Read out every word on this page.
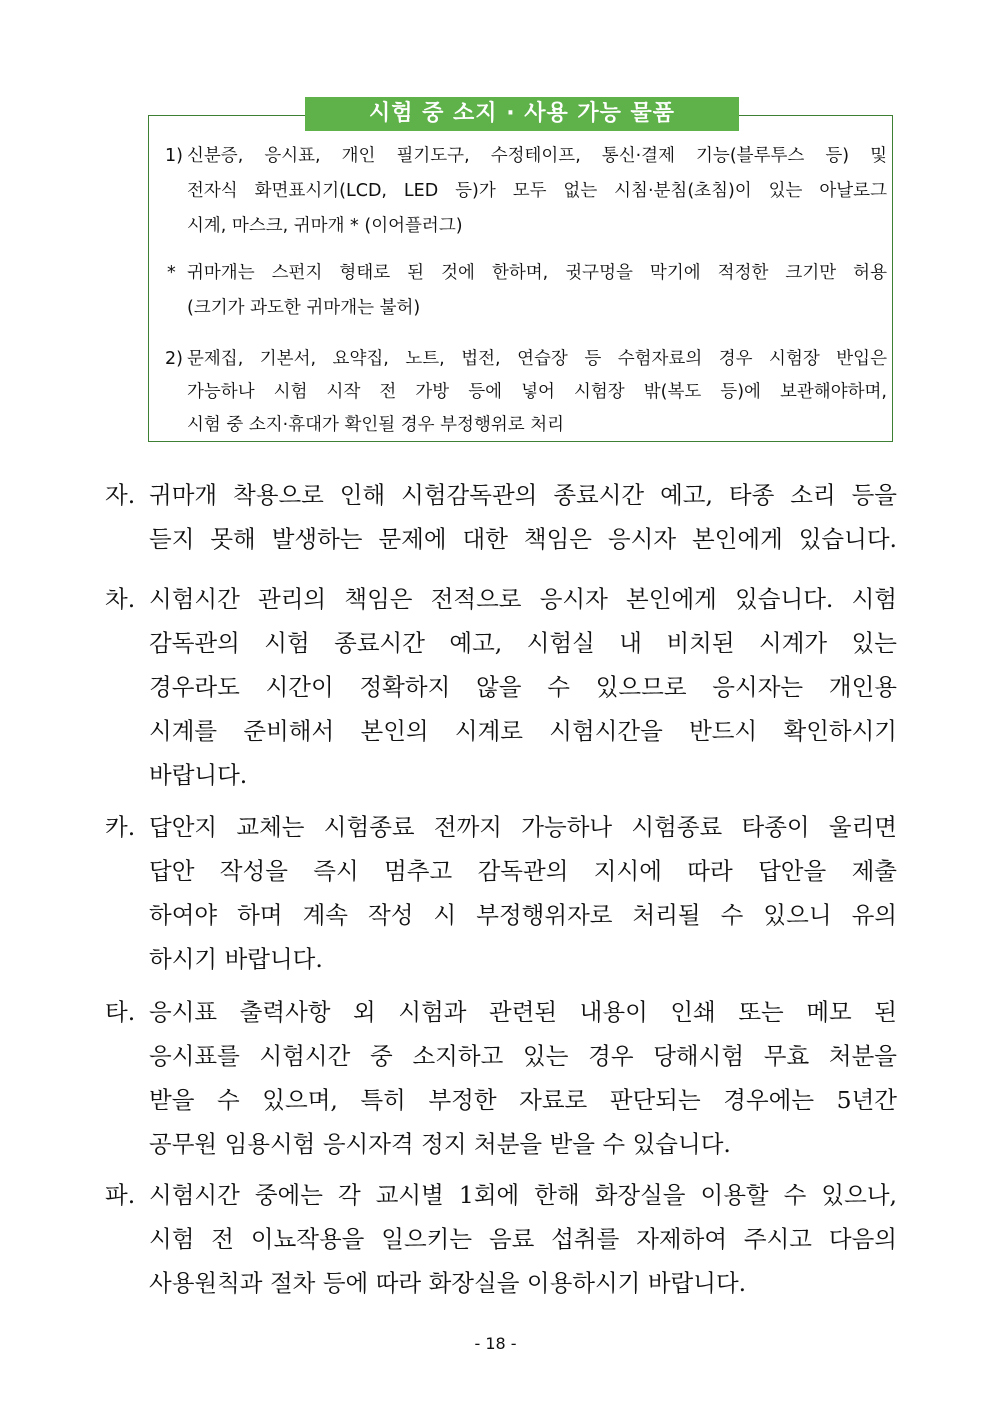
시험 중 소지 · 사용 가능 물품
1) 신분증, 응시표, 개인 필기도구, 수정테이프, 통신·결제 기능(블루투스 등) 및
전자식 화면표시기(LCD, LED 등)가 모두 없는 시침·분침(초침)이 있는 아날로그
시계, 마스크, 귀마개 * (이어플러그)
* 귀마개는 스펀지 형태로 된 것에 한하며, 귓구멍을 막기에 적정한 크기만 허용
(크기가 과도한 귀마개는 불허)
2) 문제집, 기본서, 요약집, 노트, 법전, 연습장 등 수험자료의 경우 시험장 반입은
가능하나 시험 시작 전 가방 등에 넣어 시험장 밖(복도 등)에 보관해야하며,
시험 중 소지·휴대가 확인될 경우 부정행위로 처리
자. 귀마개 착용으로 인해 시험감독관의 종료시간 예고, 타종 소리 등을
듣지 못해 발생하는 문제에 대한 책임은 응시자 본인에게 있습니다.
차. 시험시간 관리의 책임은 전적으로 응시자 본인에게 있습니다. 시험
감독관의 시험 종료시간 예고, 시험실 내 비치된 시계가 있는
경우라도 시간이 정확하지 않을 수 있으므로 응시자는 개인용
시계를 준비해서 본인의 시계로 시험시간을 반드시 확인하시기
바랍니다.
카. 답안지 교체는 시험종료 전까지 가능하나 시험종료 타종이 울리면
답안 작성을 즉시 멈추고 감독관의 지시에 따라 답안을 제출
하여야 하며 계속 작성 시 부정행위자로 처리될 수 있으니 유의
하시기 바랍니다.
타. 응시표 출력사항 외 시험과 관련된 내용이 인쇄 또는 메모 된
응시표를 시험시간 중 소지하고 있는 경우 당해시험 무효 처분을
받을 수 있으며, 특히 부정한 자료로 판단되는 경우에는 5년간
공무원 임용시험 응시자격 정지 처분을 받을 수 있습니다.
파. 시험시간 중에는 각 교시별 1회에 한해 화장실을 이용할 수 있으나,
시험 전 이뇨작용을 일으키는 음료 섭취를 자제하여 주시고 다음의
사용원칙과 절차 등에 따라 화장실을 이용하시기 바랍니다.
- 18 -
